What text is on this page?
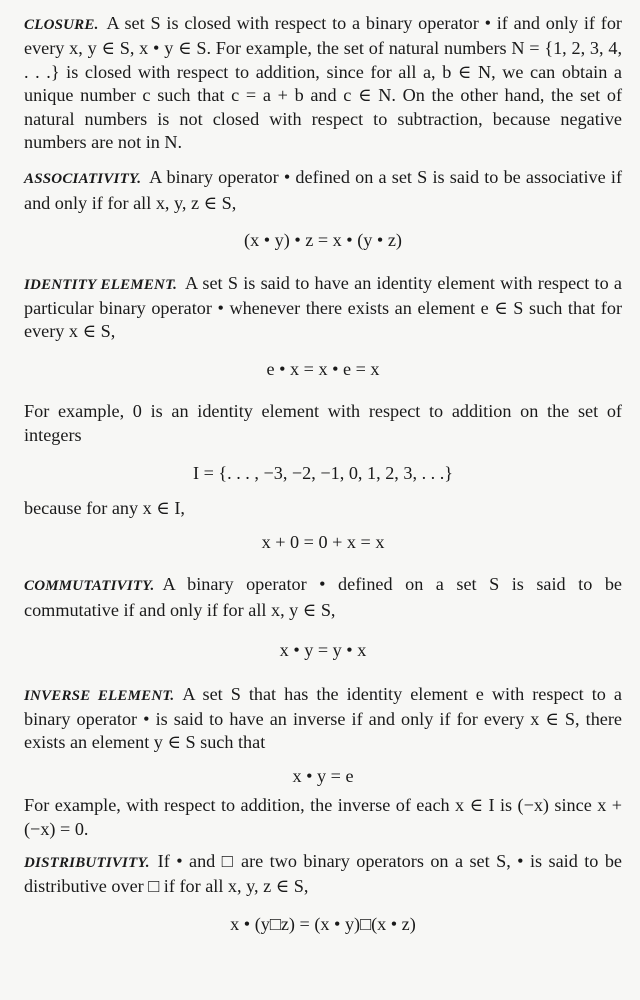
CLOSURE. A set S is closed with respect to a binary operator • if and only if for every x, y ∈ S, x • y ∈ S. For example, the set of natural numbers N = {1, 2, 3, 4, . . .} is closed with respect to addition, since for all a, b ∈ N, we can obtain a unique number c such that c = a + b and c ∈ N. On the other hand, the set of natural numbers is not closed with respect to subtraction, because negative numbers are not in N.

ASSOCIATIVITY. A binary operator • defined on a set S is said to be associative if and only if for all x, y, z ∈ S,

(x • y) • z = x • (y • z)

IDENTITY ELEMENT. A set S is said to have an identity element with respect to a particular binary operator • whenever there exists an element e ∈ S such that for every x ∈ S,

e • x = x • e = x

For example, 0 is an identity element with respect to addition on the set of integers

I = {. . . , −3, −2, −1, 0, 1, 2, 3, . . .}

because for any x ∈ I,

x + 0 = 0 + x = x

COMMUTATIVITY. A binary operator • defined on a set S is said to be commutative if and only if for all x, y ∈ S,

x • y = y • x

INVERSE ELEMENT. A set S that has the identity element e with respect to a binary operator • is said to have an inverse if and only if for every x ∈ S, there exists an element y ∈ S such that

x • y = e

For example, with respect to addition, the inverse of each x ∈ I is (−x) since x + (−x) = 0.

DISTRIBUTIVITY. If • and □ are two binary operators on a set S, • is said to be distributive over □ if for all x, y, z ∈ S,

x • (y□z) = (x • y)□(x • z)
